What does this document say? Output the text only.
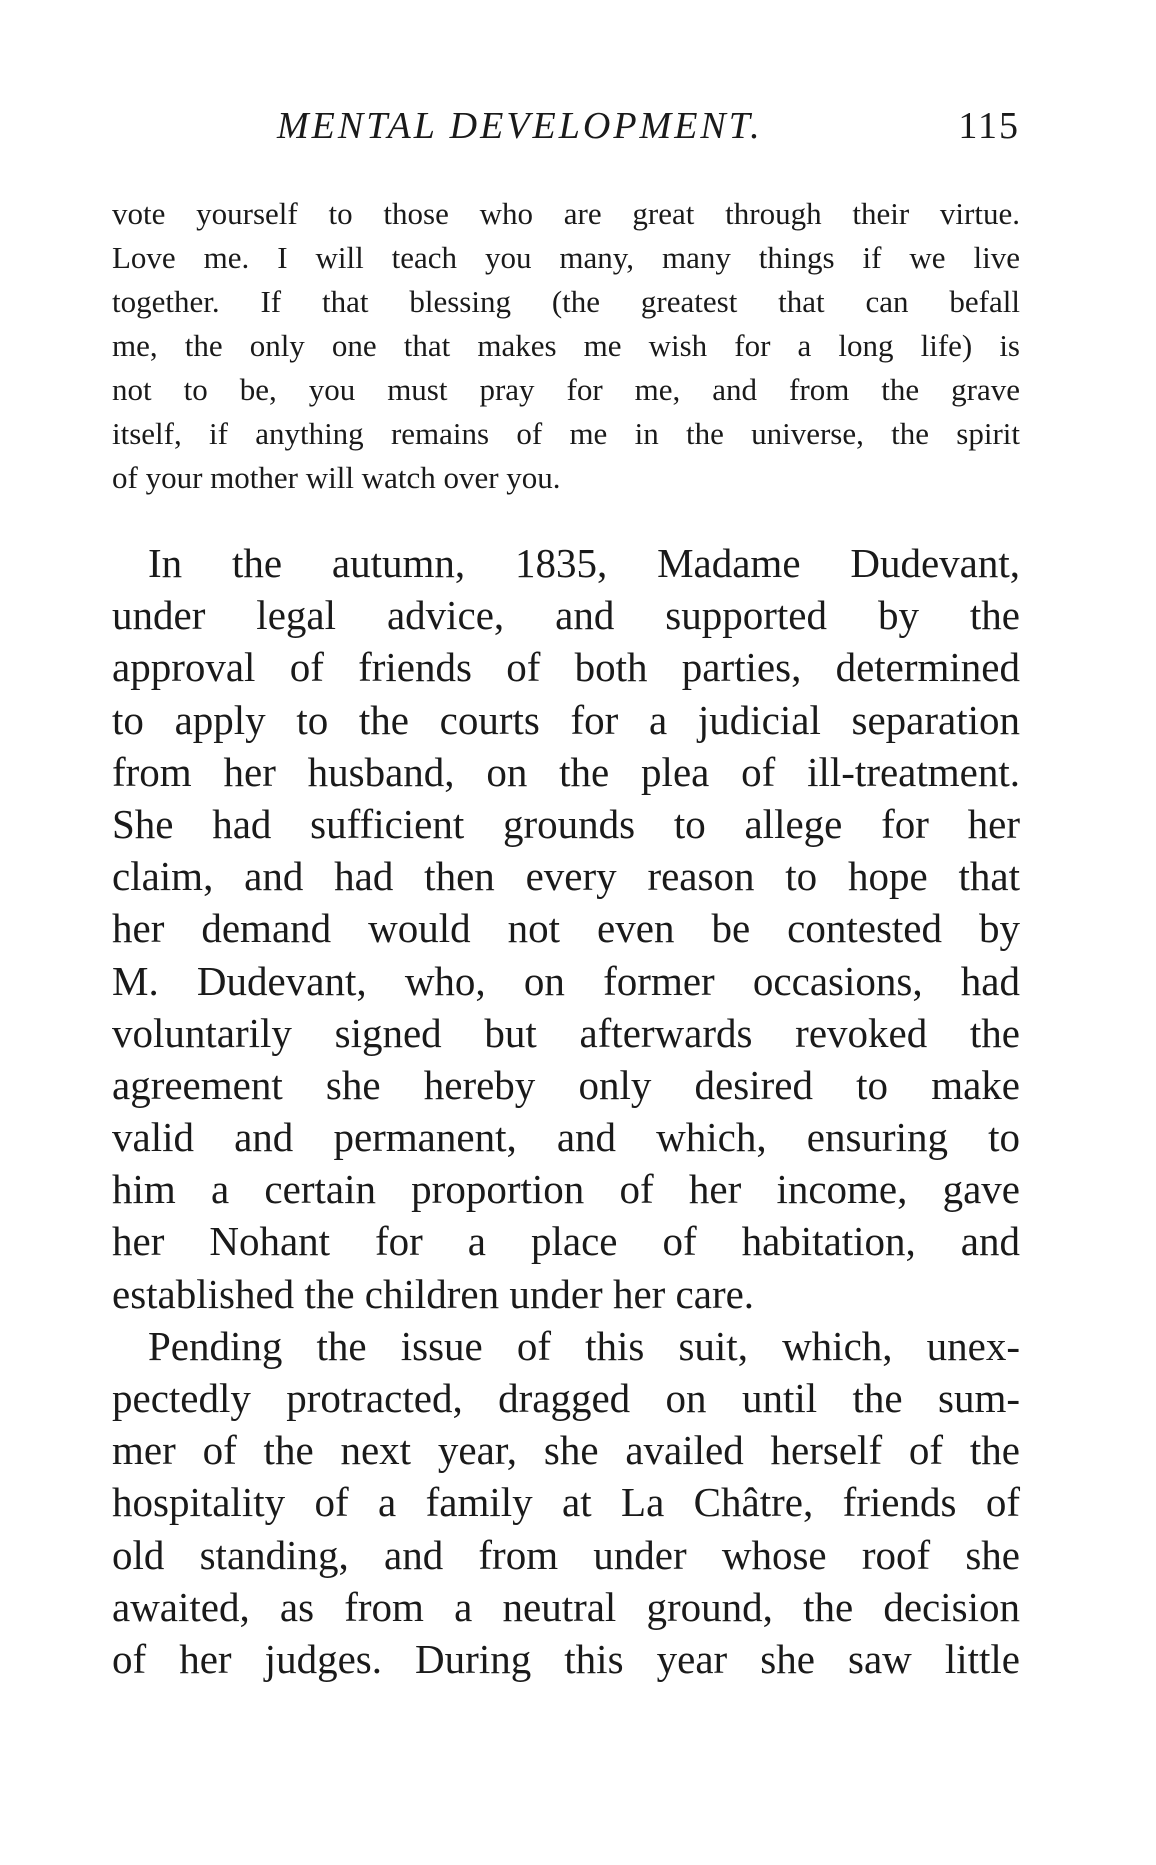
MENTAL DEVELOPMENT.	115
vote yourself to those who are great through their virtue.
Love me. I will teach you many, many things if we live
together. If that blessing (the greatest that can befall
me, the only one that makes me wish for a long life) is
not to be, you must pray for me, and from the grave
itself, if anything remains of me in the universe, the spirit
of your mother will watch over you.
In the autumn, 1835, Madame Dudevant,
under legal advice, and supported by the
approval of friends of both parties, determined
to apply to the courts for a judicial separation
from her husband, on the plea of ill-treatment.
She had sufficient grounds to allege for her
claim, and had then every reason to hope that
her demand would not even be contested by
M. Dudevant, who, on former occasions, had
voluntarily signed but afterwards revoked the
agreement she hereby only desired to make
valid and permanent, and which, ensuring to
him a certain proportion of her income, gave
her Nohant for a place of habitation, and
established the children under her care.
Pending the issue of this suit, which, unex-
pectedly protracted, dragged on until the sum-
mer of the next year, she availed herself of the
hospitality of a family at La Châtre, friends of
old standing, and from under whose roof she
awaited, as from a neutral ground, the decision
of her judges. During this year she saw little
